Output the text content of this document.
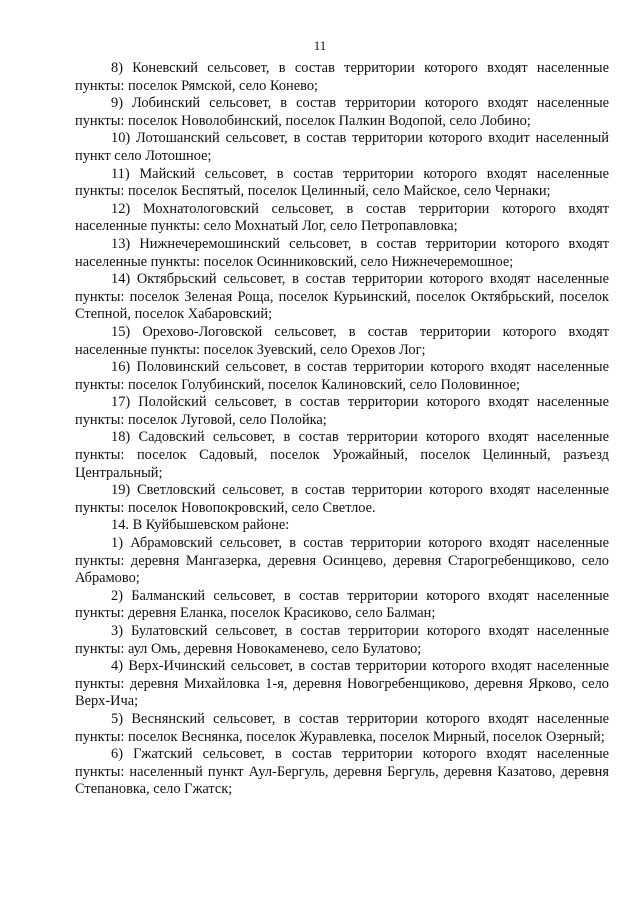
11

8) Коневский сельсовет, в состав территории которого входят населенные пункты: поселок Рямской, село Конево;

9) Лобинский сельсовет, в состав территории которого входят населенные пункты: поселок Новолобинский, поселок Палкин Водопой, село Лобино;

10) Лотошанский сельсовет, в состав территории которого входит населенный пункт село Лотошное;

11) Майский сельсовет, в состав территории которого входят населенные пункты: поселок Беспятый, поселок Целинный, село Майское, село Чернаки;

12) Мохнатологовский сельсовет, в состав территории которого входят населенные пункты: село Мохнатый Лог, село Петропавловка;

13) Нижнечеремошинский сельсовет, в состав территории которого входят населенные пункты: поселок Осинниковский, село Нижнечеремошное;

14) Октябрьский сельсовет, в состав территории которого входят населенные пункты: поселок Зеленая Роща, поселок Курьинский, поселок Октябрьский, поселок Степной, поселок Хабаровский;

15) Орехово-Логовской сельсовет, в состав территории которого входят населенные пункты: поселок Зуевский, село Орехов Лог;

16) Половинский сельсовет, в состав территории которого входят населенные пункты: поселок Голубинский, поселок Калиновский, село Половинное;

17) Полойский сельсовет, в состав территории которого входят населенные пункты: поселок Луговой, село Полойка;

18) Садовский сельсовет, в состав территории которого входят населенные пункты: поселок Садовый, поселок Урожайный, поселок Целинный, разъезд Центральный;

19) Светловский сельсовет, в состав территории которого входят населенные пункты: поселок Новопокровский, село Светлое.

14. В Куйбышевском районе:

1) Абрамовский сельсовет, в состав территории которого входят населенные пункты: деревня Мангазерка, деревня Осинцево, деревня Старогребенщиково, село Абрамово;

2) Балманский сельсовет, в состав территории которого входят населенные пункты: деревня Еланка, поселок Красиково, село Балман;

3) Булатовский сельсовет, в состав территории которого входят населенные пункты: аул Омь, деревня Новокаменево, село Булатово;

4) Верх-Ичинский сельсовет, в состав территории которого входят населенные пункты: деревня Михайловка 1-я, деревня Новогребенщиково, деревня Ярково, село Верх-Ича;

5) Веснянский сельсовет, в состав территории которого входят населенные пункты: поселок Веснянка, поселок Журавлевка, поселок Мирный, поселок Озерный;

6) Гжатский сельсовет, в состав территории которого входят населенные пункты: населенный пункт Аул-Бергуль, деревня Бергуль, деревня Казатово, деревня Степановка, село Гжатск;
